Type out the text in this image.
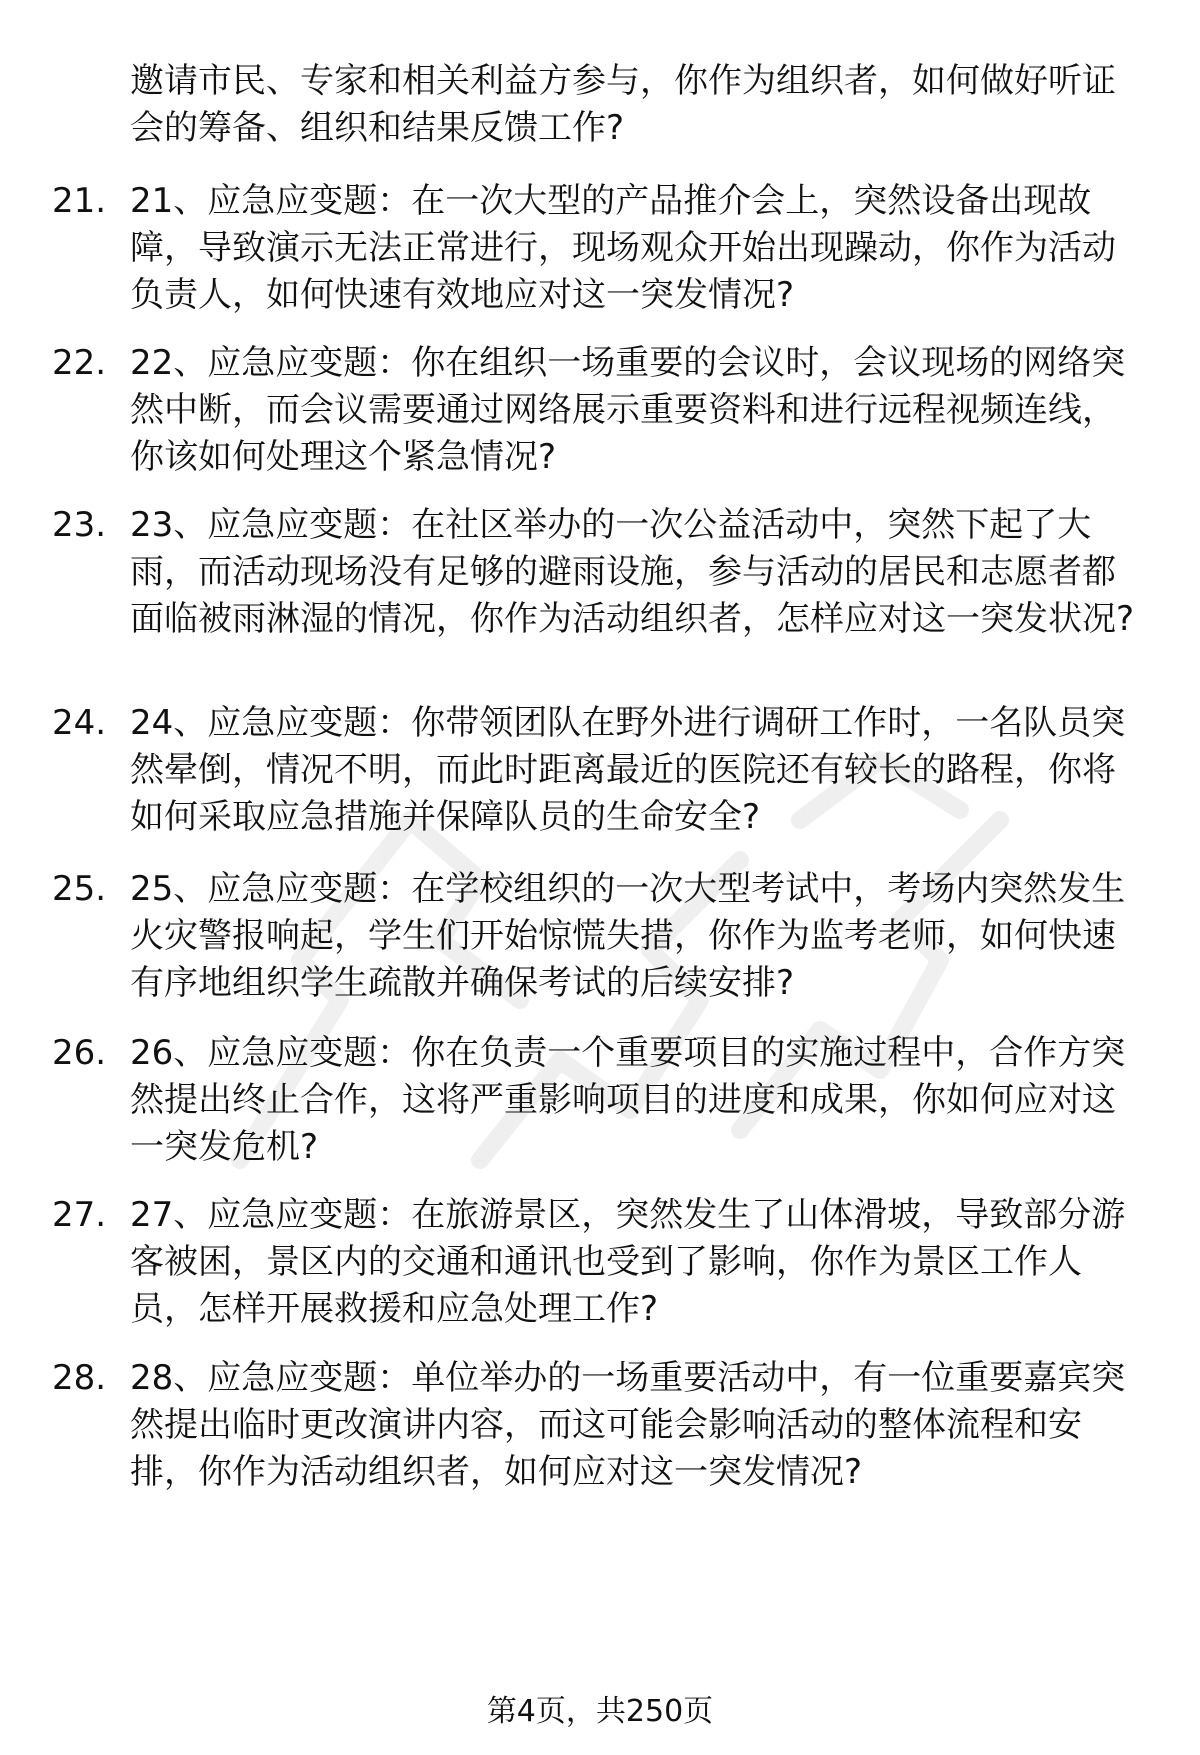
邀请市民、专家和相关利益方参与，你作为组织者，如何做好听证会的筹备、组织和结果反馈工作?

21. 21、应急应变题：在一次大型的产品推介会上，突然设备出现故障，导致演示无法正常进行，现场观众开始出现躁动，你作为活动负责人，如何快速有效地应对这一突发情况?

22. 22、应急应变题：你在组织一场重要的会议时，会议现场的网络突然中断，而会议需要通过网络展示重要资料和进行远程视频连线，你该如何处理这个紧急情况?

23. 23、应急应变题：在社区举办的一次公益活动中，突然下起了大雨，而活动现场没有足够的避雨设施，参与活动的居民和志愿者都面临被雨淋湿的情况，你作为活动组织者，怎样应对这一突发状况?

24. 24、应急应变题：你带领团队在野外进行调研工作时，一名队员突然晕倒，情况不明，而此时距离最近的医院还有较长的路程，你将如何采取应急措施并保障队员的生命安全?

25. 25、应急应变题：在学校组织的一次大型考试中，考场内突然发生火灾警报响起，学生们开始惊慌失措，你作为监考老师，如何快速有序地组织学生疏散并确保考试的后续安排?

26. 26、应急应变题：你在负责一个重要项目的实施过程中，合作方突然提出终止合作，这将严重影响项目的进度和成果，你如何应对这一突发危机?

27. 27、应急应变题：在旅游景区，突然发生了山体滑坡，导致部分游客被困，景区内的交通和通讯也受到了影响，你作为景区工作人员，怎样开展救援和应急处理工作?

28. 28、应急应变题：单位举办的一场重要活动中，有一位重要嘉宾突然提出临时更改演讲内容，而这可能会影响活动的整体流程和安排，你作为活动组织者，如何应对这一突发情况?

第4页，共250页
